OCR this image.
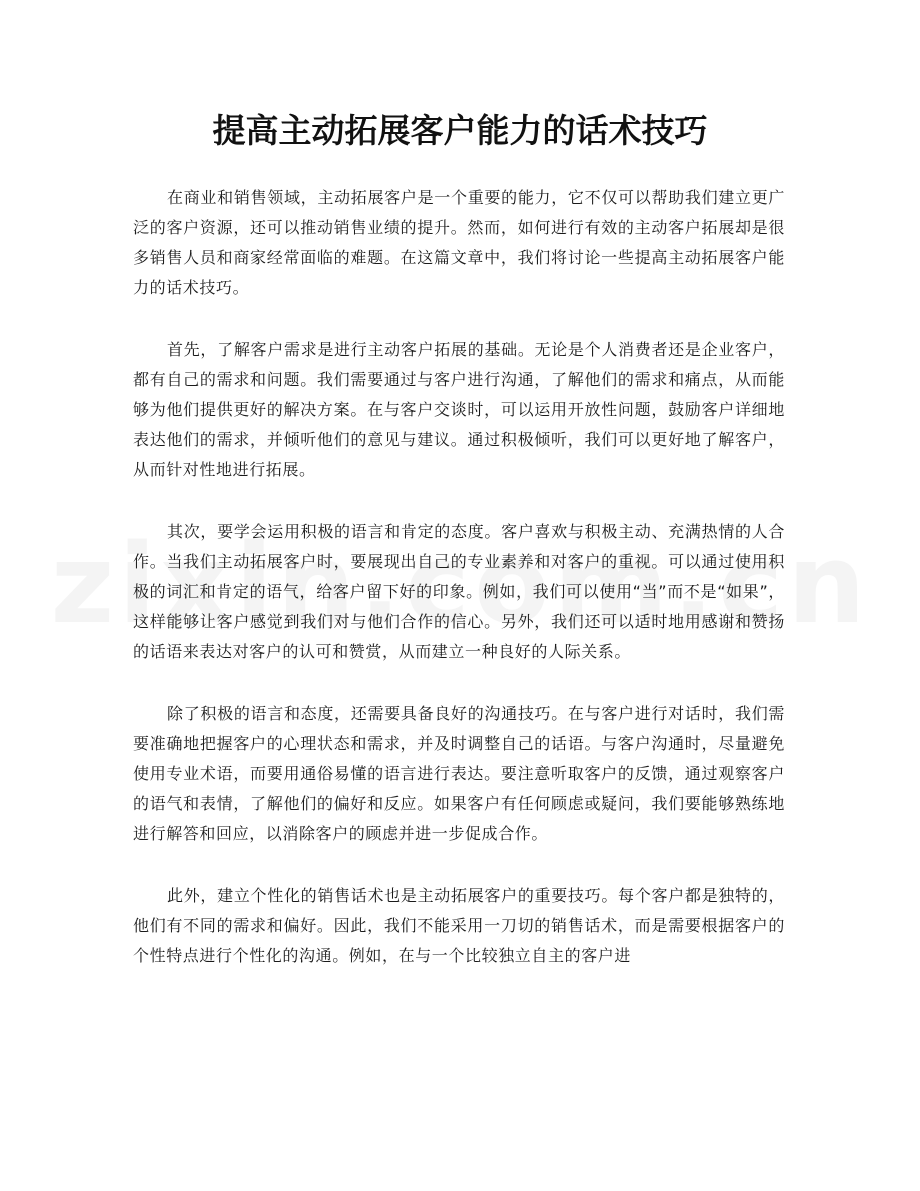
提高主动拓展客户能力的话术技巧

在商业和销售领域，主动拓展客户是一个重要的能力，它不仅可以帮助我们建立更广泛的客户资源，还可以推动销售业绩的提升。然而，如何进行有效的主动客户拓展却是很多销售人员和商家经常面临的难题。在这篇文章中，我们将讨论一些提高主动拓展客户能力的话术技巧。

首先，了解客户需求是进行主动客户拓展的基础。无论是个人消费者还是企业客户，都有自己的需求和问题。我们需要通过与客户进行沟通，了解他们的需求和痛点，从而能够为他们提供更好的解决方案。在与客户交谈时，可以运用开放性问题，鼓励客户详细地表达他们的需求，并倾听他们的意见与建议。通过积极倾听，我们可以更好地了解客户，从而针对性地进行拓展。

其次，要学会运用积极的语言和肯定的态度。客户喜欢与积极主动、充满热情的人合作。当我们主动拓展客户时，要展现出自己的专业素养和对客户的重视。可以通过使用积极的词汇和肯定的语气，给客户留下好的印象。例如，我们可以使用“当”而不是“如果”，这样能够让客户感觉到我们对与他们合作的信心。另外，我们还可以适时地用感谢和赞扬的话语来表达对客户的认可和赞赏，从而建立一种良好的人际关系。

除了积极的语言和态度，还需要具备良好的沟通技巧。在与客户进行对话时，我们需要准确地把握客户的心理状态和需求，并及时调整自己的话语。与客户沟通时，尽量避免使用专业术语，而要用通俗易懂的语言进行表达。要注意听取客户的反馈，通过观察客户的语气和表情，了解他们的偏好和反应。如果客户有任何顾虑或疑问，我们要能够熟练地进行解答和回应，以消除客户的顾虑并进一步促成合作。

此外，建立个性化的销售话术也是主动拓展客户的重要技巧。每个客户都是独特的，他们有不同的需求和偏好。因此，我们不能采用一刀切的销售话术，而是需要根据客户的个性特点进行个性化的沟通。例如，在与一个比较独立自主的客户进
